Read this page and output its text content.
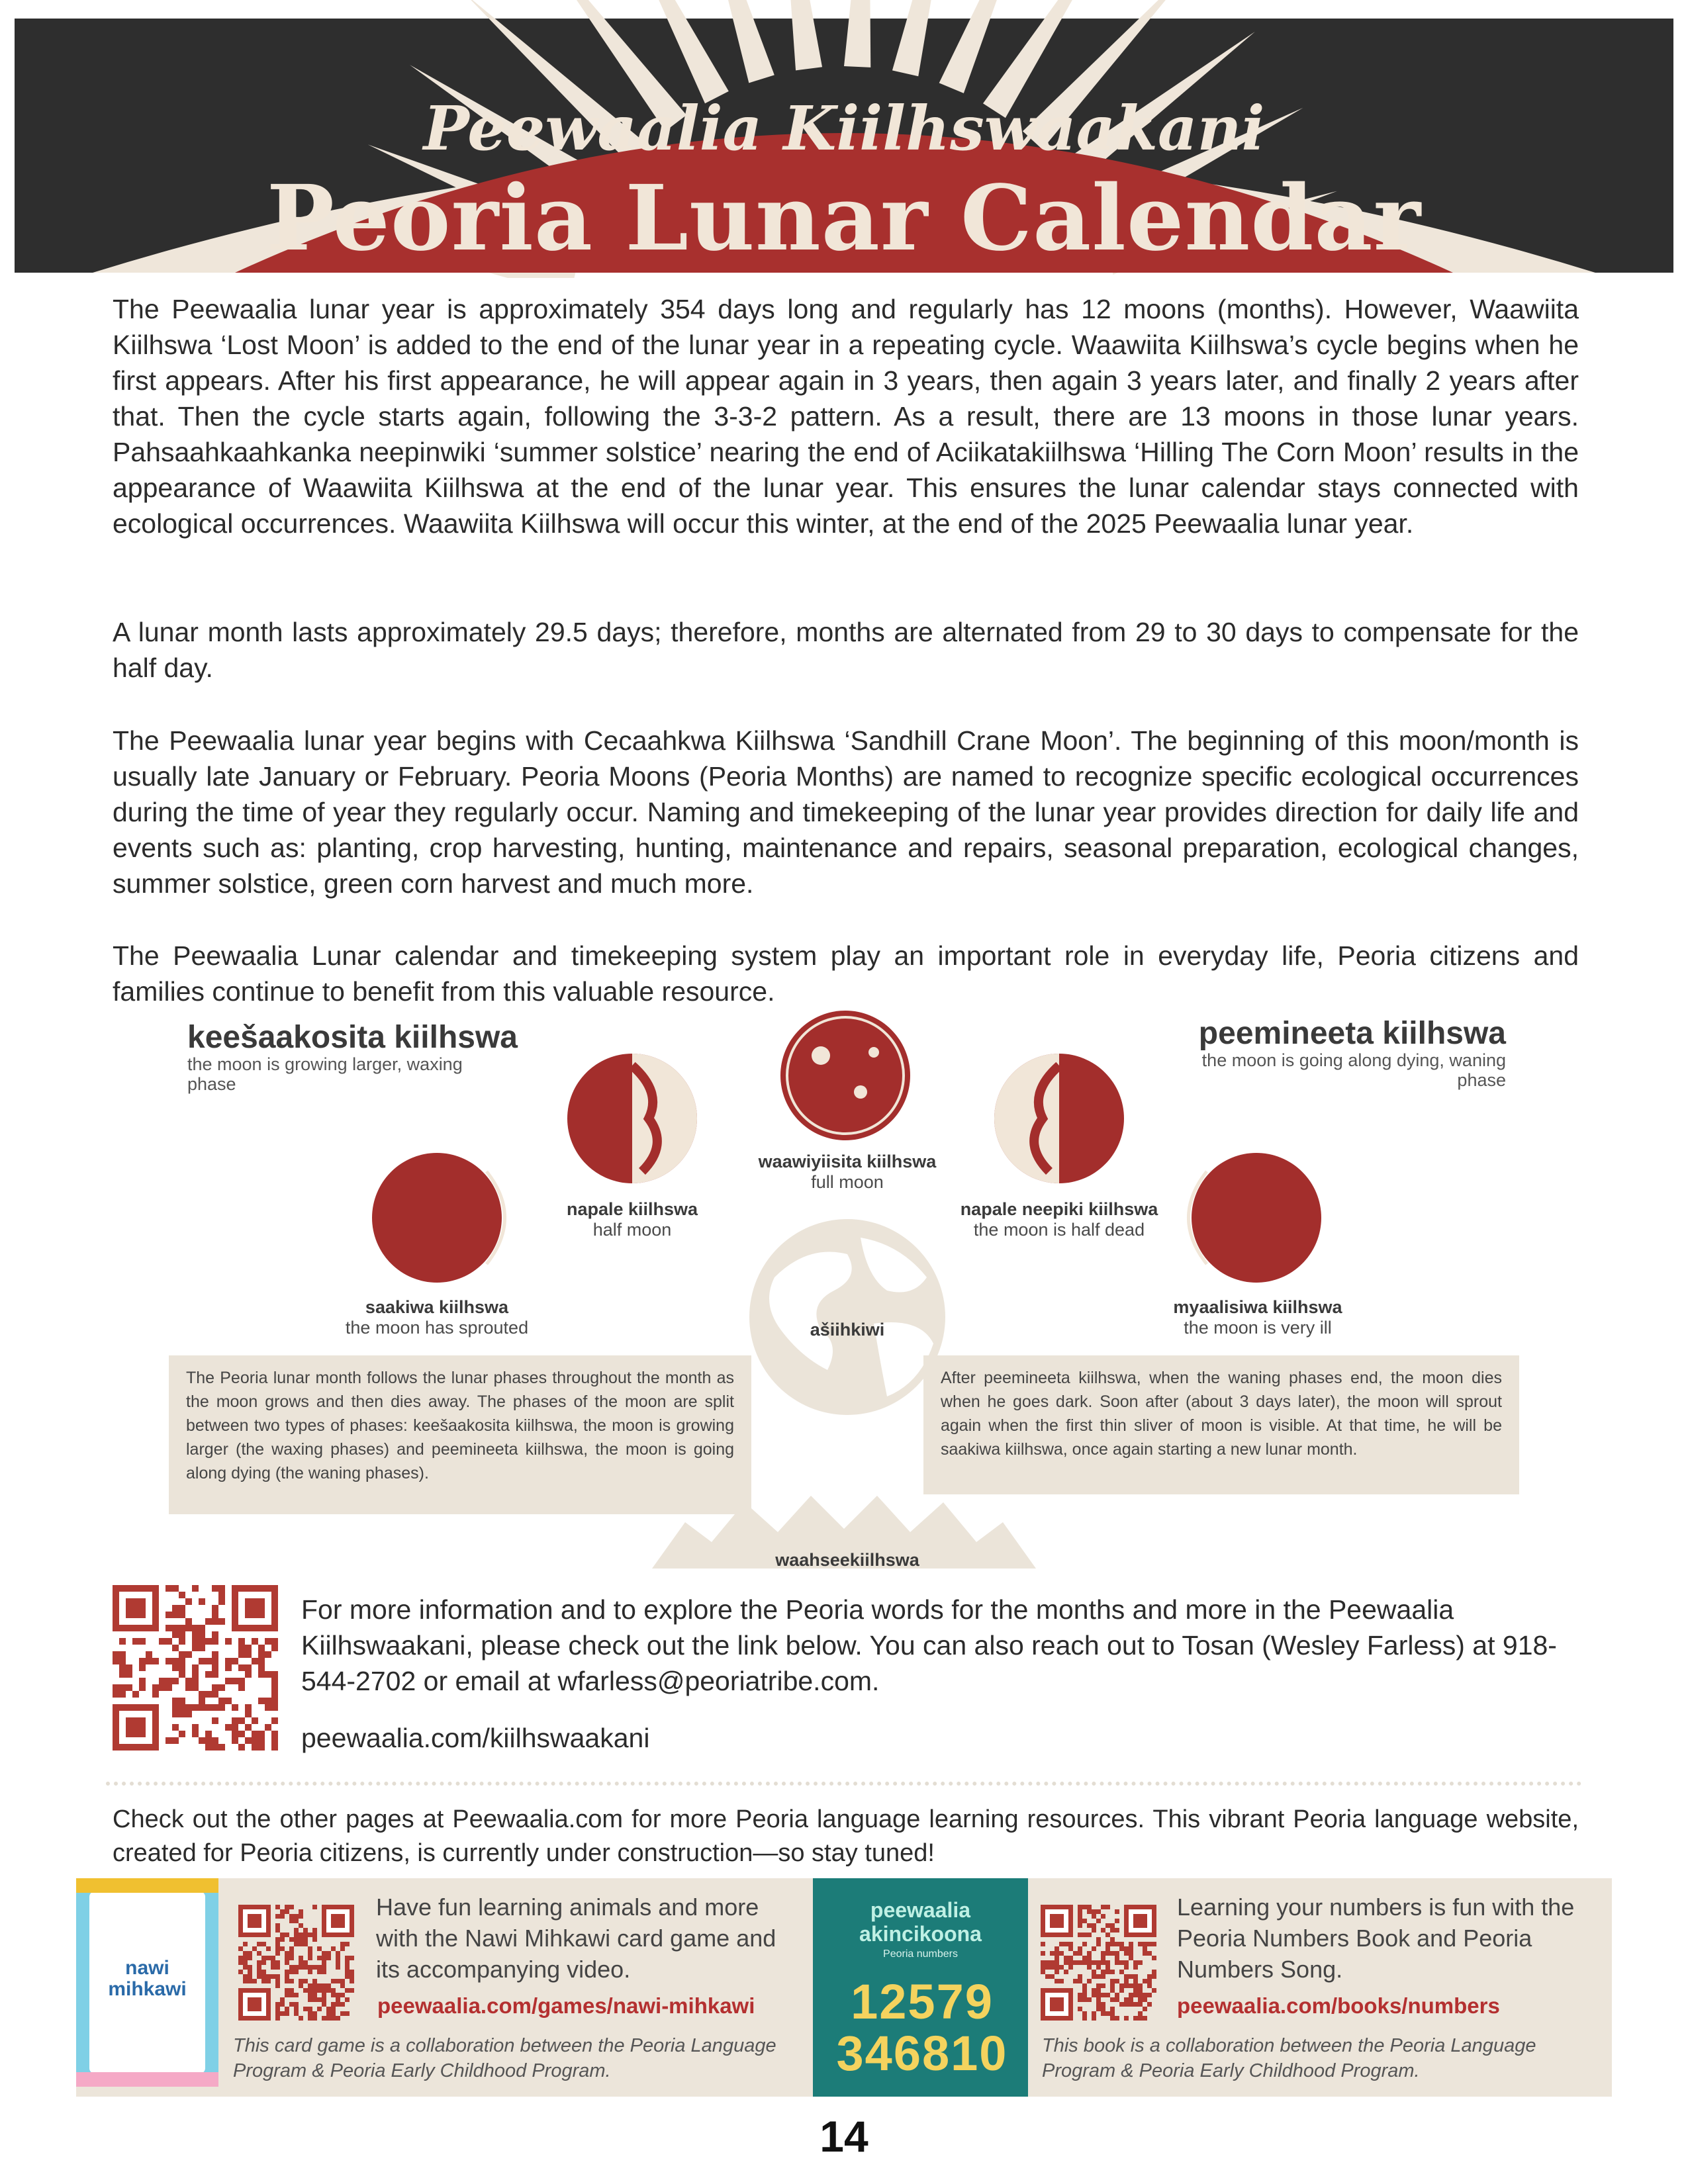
Peewaalia Kiilhswaakani
Peoria Lunar Calendar
The Peewaalia lunar year is approximately 354 days long and regularly has 12 moons (months). However, Waawiita Kiilhswa ‘Lost Moon’ is added to the end of the lunar year in a repeating cycle. Waawiita Kiilhswa’s cycle begins when he first appears. After his first appearance, he will appear again in 3 years, then again 3 years later, and finally 2 years after that. Then the cycle starts again, following the 3-3-2 pattern. As a result, there are 13 moons in those lunar years. Pahsaahkaahkanka neepinwiki ‘summer solstice’ nearing the end of Aciikatakiilhswa ‘Hilling The Corn Moon’ results in the appearance of Waawiita Kiilhswa at the end of the lunar year. This ensures the lunar calendar stays connected with ecological occurrences. Waawiita Kiilhswa will occur this winter, at the end of the 2025 Peewaalia lunar year.
A lunar month lasts approximately 29.5 days; therefore, months are alternated from 29 to 30 days to compensate for the half day.
The Peewaalia lunar year begins with Cecaahkwa Kiilhswa ‘Sandhill Crane Moon’. The beginning of this moon/month is usually late January or February. Peoria Moons (Peoria Months) are named to recognize specific ecological occurrences during the time of year they regularly occur. Naming and timekeeping of the lunar year provides direction for daily life and events such as: planting, crop harvesting, hunting, maintenance and repairs, seasonal preparation, ecological changes, summer solstice, green corn harvest and much more.
The Peewaalia Lunar calendar and timekeeping system play an important role in everyday life, Peoria citizens and families continue to benefit from this valuable resource.
keešaakosita kiilhswa
the moon is growing larger, waxing phase
peemineeta kiilhswa
the moon is going along dying, waning phase
saakiwa kiilhswa
the moon has sprouted
napale kiilhswa
half moon
waawiyiisita kiilhswa
full moon
napale neepiki kiilhswa
the moon is half dead
myaalisiwa kiilhswa
the moon is very ill
ašiihkiwi
The Peoria lunar month follows the lunar phases throughout the month as the moon grows and then dies away. The phases of the moon are split between two types of phases: keešaakosita kiilhswa, the moon is growing larger (the waxing phases) and peemineeta kiilhswa, the moon is going along dying (the waning phases).
After peemineeta kiilhswa, when the waning phases end, the moon dies when he goes dark. Soon after (about 3 days later), the moon will sprout again when the first thin sliver of moon is visible. At that time, he will be saakiwa kiilhswa, once again starting a new lunar month.
waahseekiilhswa
For more information and to explore the Peoria words for the months and more in the Peewaalia Kiilhswaakani, please check out the link below. You can also reach out to Tosan (Wesley Farless) at 918-544-2702 or email at wfarless@peoriatribe.com.
peewaalia.com/kiilhswaakani
Check out the other pages at Peewaalia.com for more Peoria language learning resources. This vibrant Peoria language website, created for Peoria citizens, is currently under construction—so stay tuned!
nawi mihkawi
Have fun learning animals and more with the Nawi Mihkawi card game and its accompanying video.
peewaalia.com/games/nawi-mihkawi
This card game is a collaboration between the Peoria Language Program & Peoria Early Childhood Program.
peewaalia akincikoona
Peoria numbers
12579 346810
Learning your numbers is fun with the Peoria Numbers Book and Peoria Numbers Song.
peewaalia.com/books/numbers
This book is a collaboration between the Peoria Language Program & Peoria Early Childhood Program.
14
